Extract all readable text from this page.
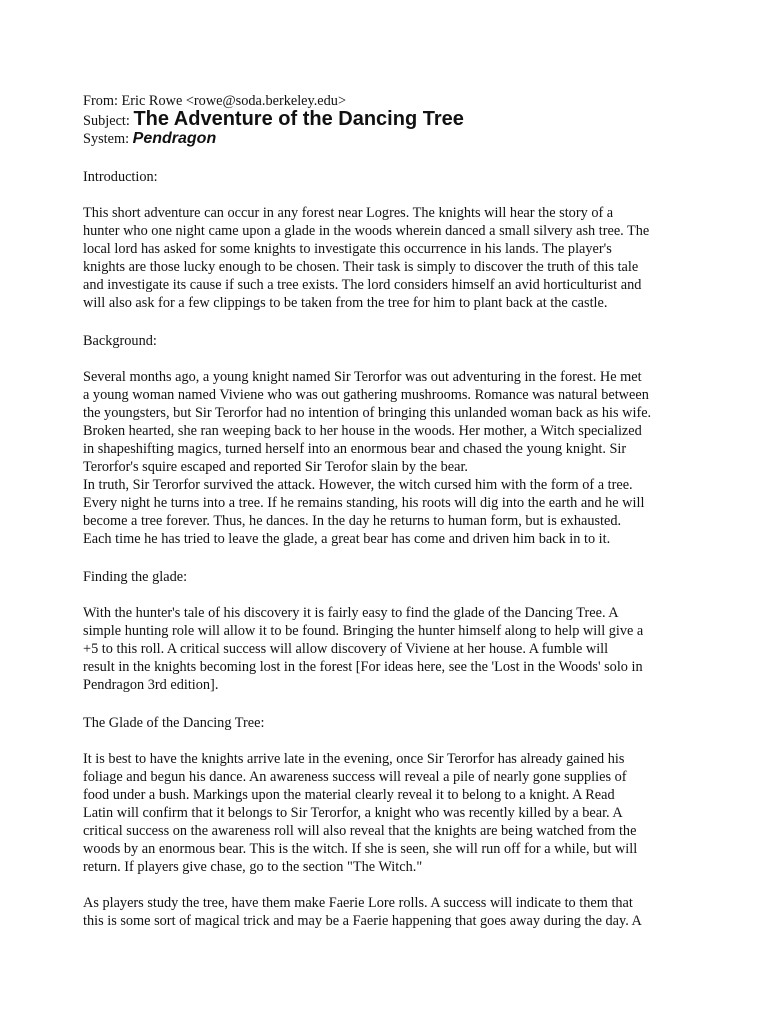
From: Eric Rowe <rowe@soda.berkeley.edu>

Subject: The Adventure of the Dancing Tree

System: Pendragon

Introduction:

This short adventure can occur in any forest near Logres. The knights will hear the story of a
hunter who one night came upon a glade in the woods wherein danced a small silvery ash tree. The
local lord has asked for some knights to investigate this occurrence in his lands. The player's
knights are those lucky enough to be chosen. Their task is simply to discover the truth of this tale
and investigate its cause if such a tree exists. The lord considers himself an avid horticulturist and
will also ask for a few clippings to be taken from the tree for him to plant back at the castle.

Background:

Several months ago, a young knight named Sir Terorfor was out adventuring in the forest. He met
a young woman named Viviene who was out gathering mushrooms. Romance was natural between
the youngsters, but Sir Terorfor had no intention of bringing this unlanded woman back as his wife.
Broken hearted, she ran weeping back to her house in the woods. Her mother, a Witch specialized
in shapeshifting magics, turned herself into an enormous bear and chased the young knight. Sir
Terorfor's squire escaped and reported Sir Terofor slain by the bear.

In truth, Sir Terorfor survived the attack. However, the witch cursed him with the form of a tree.
Every night he turns into a tree. If he remains standing, his roots will dig into the earth and he will
become a tree forever. Thus, he dances. In the day he returns to human form, but is exhausted.
Each time he has tried to leave the glade, a great bear has come and driven him back in to it.

Finding the glade:

With the hunter's tale of his discovery it is fairly easy to find the glade of the Dancing Tree. A
simple hunting role will allow it to be found. Bringing the hunter himself along to help will give a
+5 to this roll. A critical success will allow discovery of Viviene at her house. A fumble will
result in the knights becoming lost in the forest [For ideas here, see the 'Lost in the Woods' solo in
Pendragon 3rd edition].

The Glade of the Dancing Tree:

It is best to have the knights arrive late in the evening, once Sir Terorfor has already gained his
foliage and begun his dance. An awareness success will reveal a pile of nearly gone supplies of
food under a bush. Markings upon the material clearly reveal it to belong to a knight. A Read
Latin will confirm that it belongs to Sir Terorfor, a knight who was recently killed by a bear. A
critical success on the awareness roll will also reveal that the knights are being watched from the
woods by an enormous bear. This is the witch. If she is seen, she will run off for a while, but will
return. If players give chase, go to the section "The Witch."

As players study the tree, have them make Faerie Lore rolls. A success will indicate to them that
this is some sort of magical trick and may be a Faerie happening that goes away during the day. A
